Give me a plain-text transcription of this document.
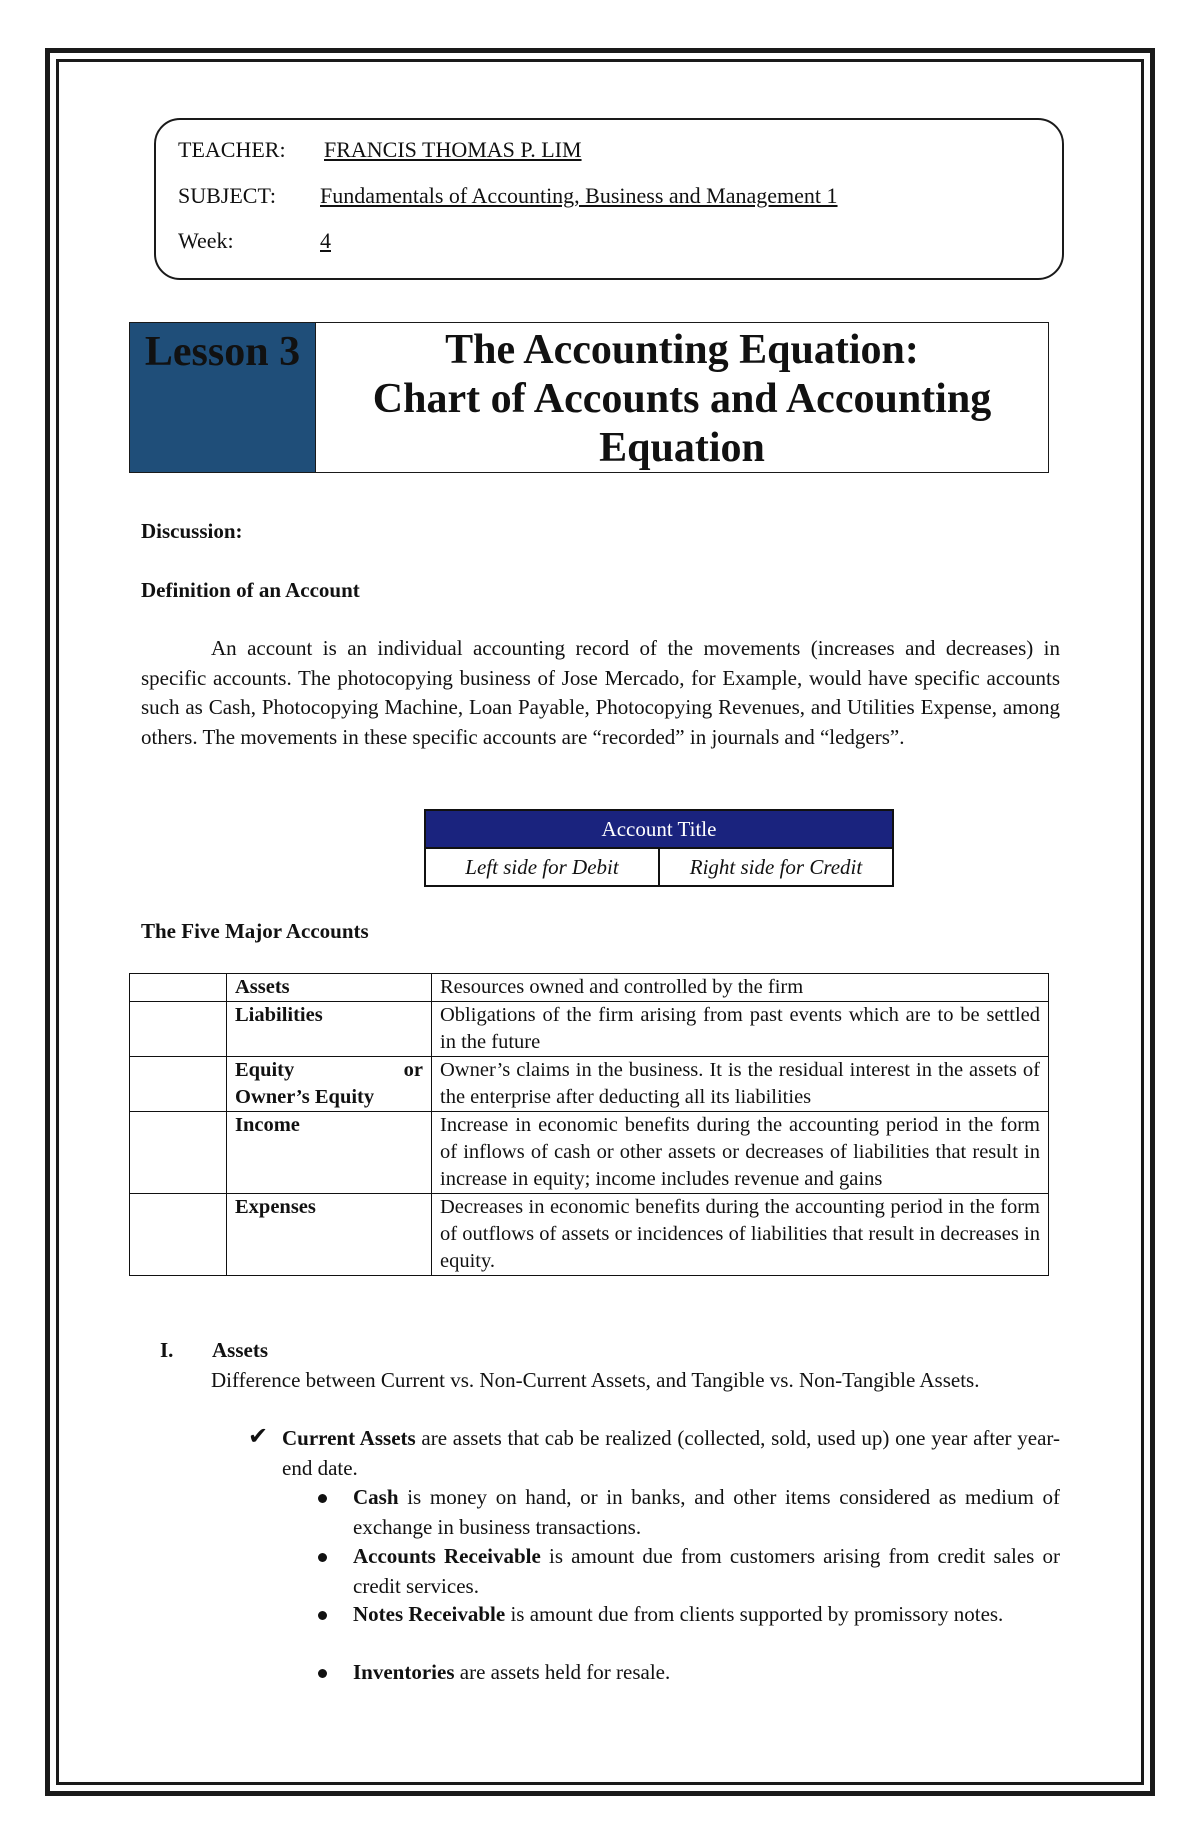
TEACHER: FRANCIS THOMAS P. LIM
SUBJECT: Fundamentals of Accounting, Business and Management 1
Week:	4
Lesson 3	The Accounting Equation:
Chart of Accounts and Accounting
Equation
Discussion:
Definition of an Account
An account is an individual accounting record of the movements (increases and decreases) in specific accounts. The photocopying business of Jose Mercado, for Example, would have specific accounts such as Cash, Photocopying Machine, Loan Payable, Photocopying Revenues, and Utilities Expense, among others. The movements in these specific accounts are “recorded” in journals and “ledgers”.
Account Title
Left side for Debit	Right side for Credit
The Five Major Accounts
	Assets	Resources owned and controlled by the firm
	Liabilities	Obligations of the firm arising from past events which are to be settled in the future

	Equity or
Owner’s Equity	Owner’s claims in the business. It is the residual interest in the assets of the enterprise after deducting all its liabilities
	Income	Increase in economic benefits during the accounting period in the form of inflows of cash or other assets or decreases of liabilities that result in increase in equity; income includes revenue and gains
	Expenses	Decreases in economic benefits during the accounting period in the form of outflows of assets or incidences of liabilities that result in decreases in equity.
I. Assets
Difference between Current vs. Non-Current Assets, and Tangible vs. Non-Tangible Assets.
✔ Current Assets are assets that cab be realized (collected, sold, used up) one year after year-end date.
Cash is money on hand, or in banks, and other items considered as medium of exchange in business transactions.
Accounts Receivable is amount due from customers arising from credit sales or credit services.
Notes Receivable is amount due from clients supported by promissory notes.
Inventories are assets held for resale.
